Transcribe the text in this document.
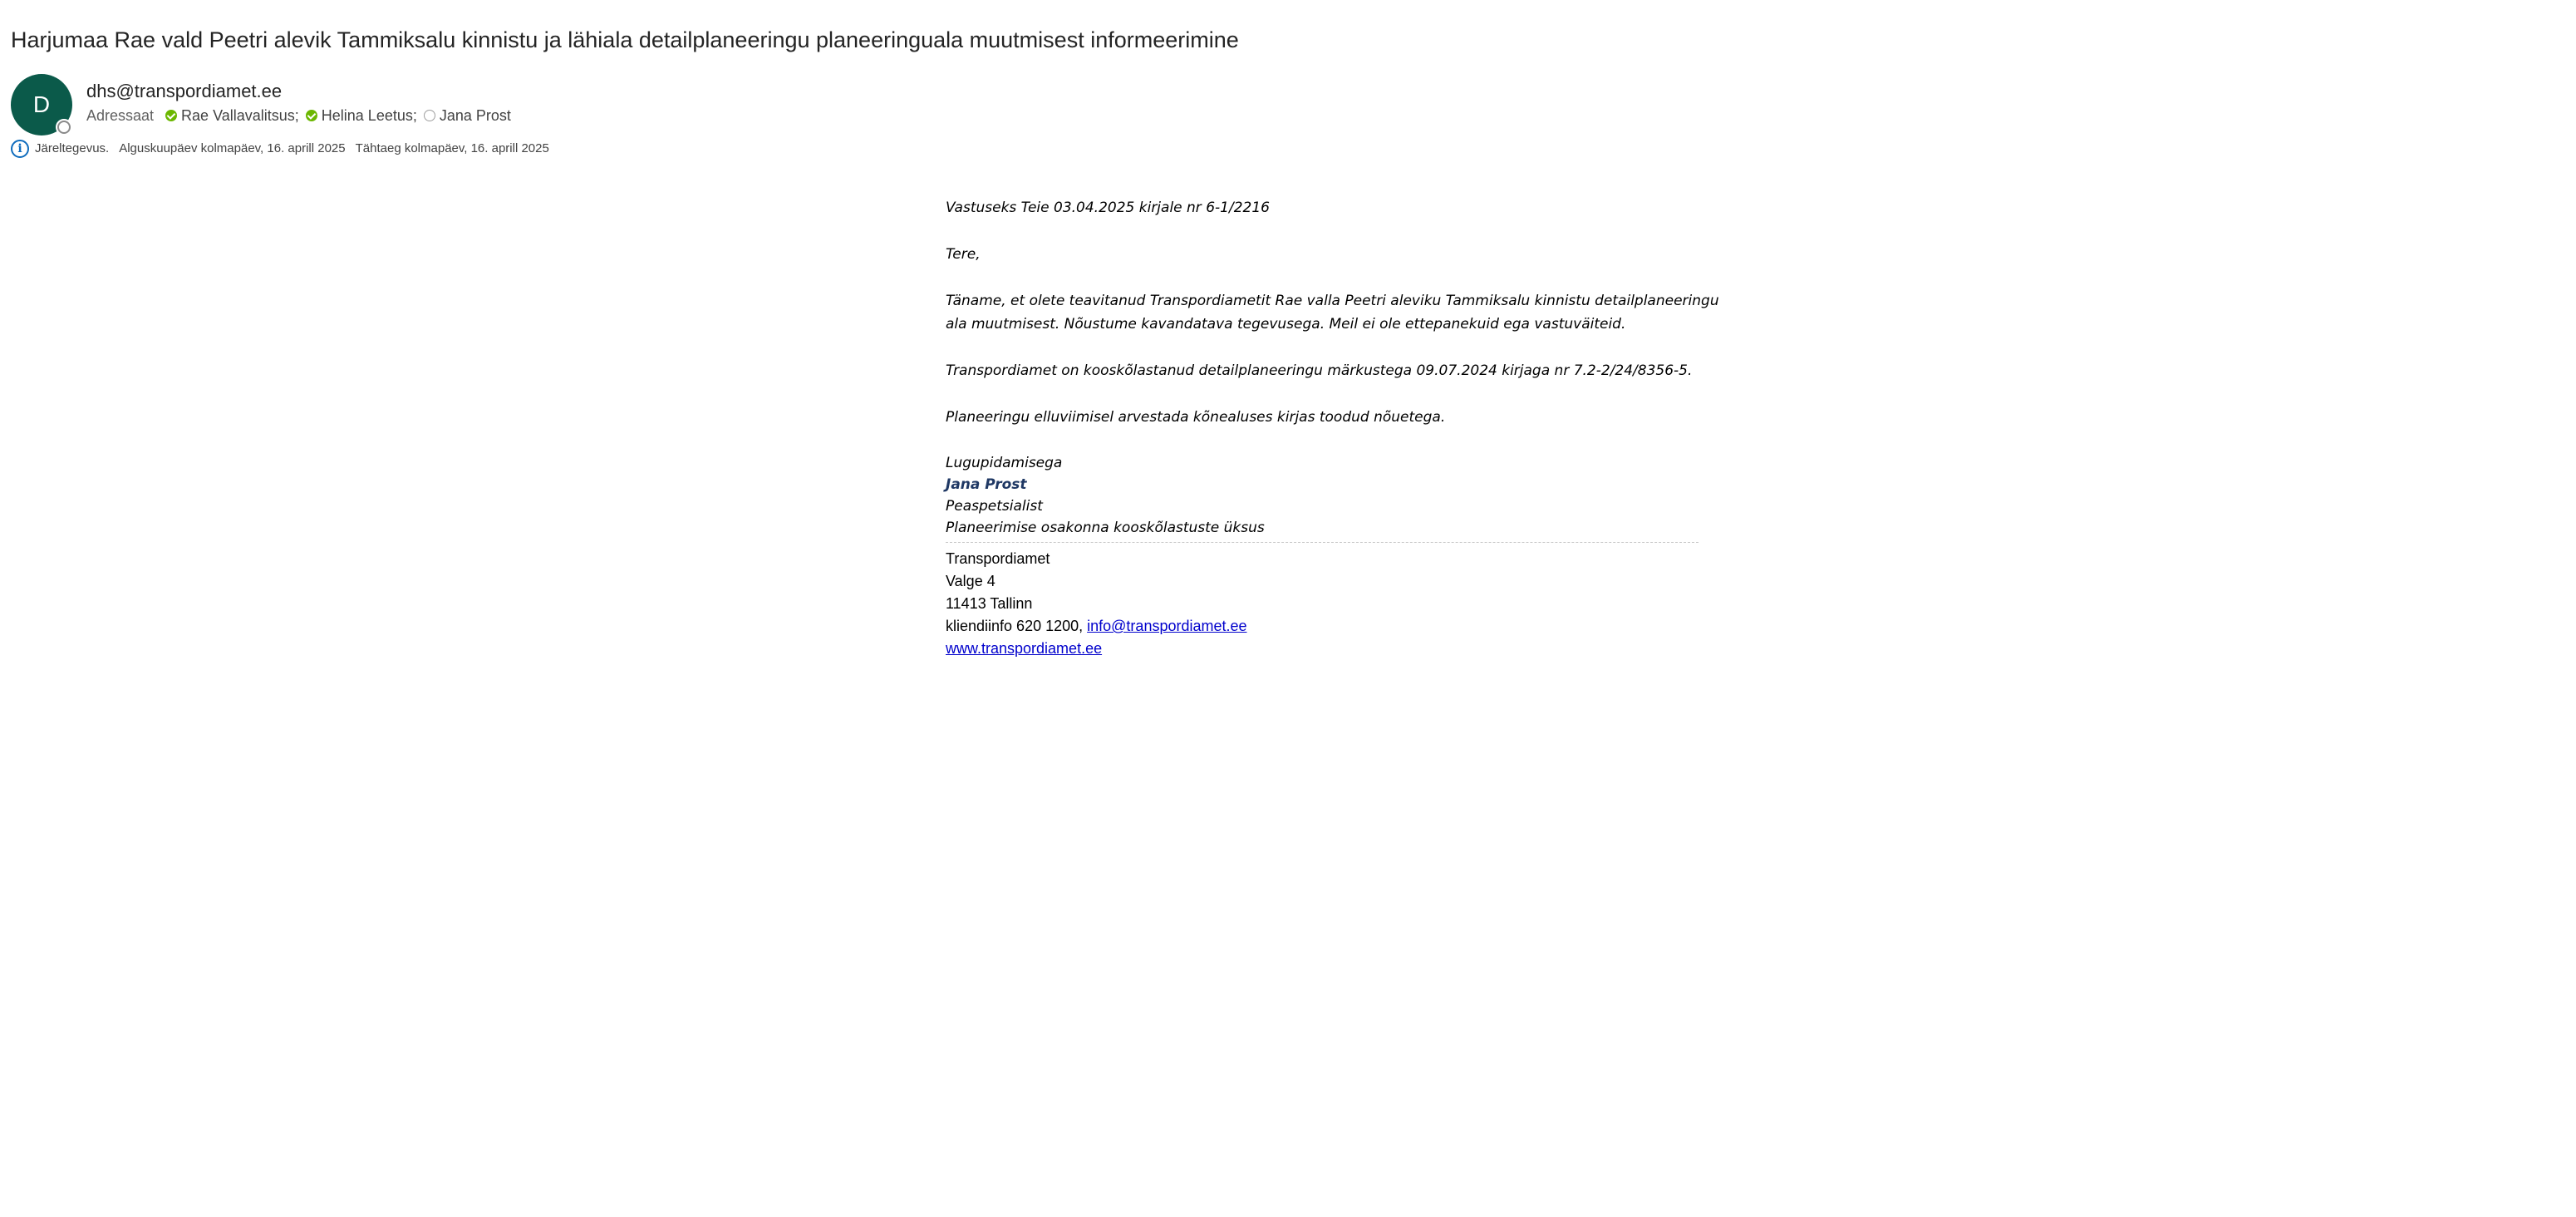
Harjumaa Rae vald Peetri alevik Tammiksalu kinnistu ja lähiala detailplaneeringu planeeringuala muutmisest informeerimine
D
dhs@transpordiamet.ee
Adressaat Rae Vallavalitsus; Helina Leetus; Jana Prost
i	Järeltegevus. Alguskuupäev kolmapäev, 16. aprill 2025 Tähtaeg kolmapäev, 16. aprill 2025

Vastuseks Teie 03.04.2025 kirjale nr 6-1/2216

Tere,

Täname, et olete teavitanud Transpordiametit Rae valla Peetri aleviku Tammiksalu kinnistu detailplaneeringu

ala muutmisest. Nõustume kavandatava tegevusega. Meil ei ole ettepanekuid ega vastuväiteid.

Transpordiamet on kooskõlastanud detailplaneeringu märkustega 09.07.2024 kirjaga nr 7.2-2/24/8356-5.

Planeeringu elluviimisel arvestada kõnealuses kirjas toodud nõuetega.

Lugupidamisega
Jana Prost
Peaspetsialist
Planeerimise osakonna kooskõlastuste üksus
Transpordiamet
Valge 4
11413 Tallinn
kliendiinfo 620 1200, info@transpordiamet.ee
www.transpordiamet.ee
